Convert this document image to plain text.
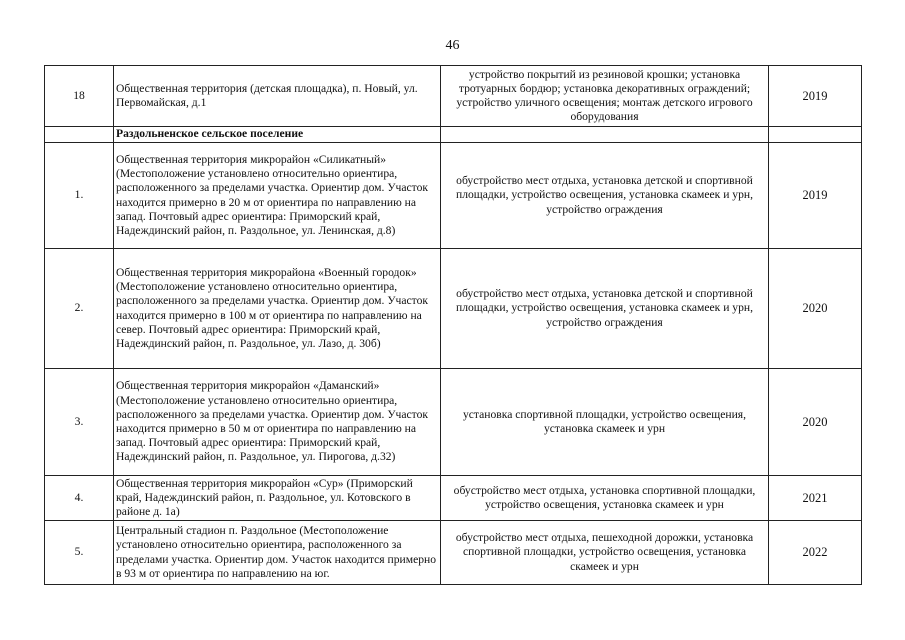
46
18	Общественная территория (детская площадка), п. Новый, ул. Первомайская, д.1	устройство покрытий из резиновой крошки; установка тротуарных бордюр; установка декоративных ограждений; устройство уличного освещения; монтаж детского игрового оборудования	2019
	Раздольненское сельское поселение		
1.	Общественная территория микрорайон «Силикатный» (Местоположение установлено относительно ориентира, расположенного за пределами участка. Ориентир дом. Участок находится примерно в 20 м от ориентира по направлению на запад. Почтовый адрес ориентира: Приморский край, Надеждинский район, п. Раздольное, ул. Ленинская, д.8)	обустройство мест отдыха, установка детской и спортивной площадки, устройство освещения, установка скамеек и урн, устройство ограждения	2019
2.	Общественная территория микрорайона «Военный городок» (Местоположение установлено относительно ориентира, расположенного за пределами участка. Ориентир дом. Участок находится примерно в 100 м от ориентира по направлению на север. Почтовый адрес ориентира: Приморский край, Надеждинский район, п. Раздольное, ул. Лазо, д. 30б)	обустройство мест отдыха, установка детской и спортивной площадки, устройство освещения, установка скамеек и урн, устройство ограждения	2020
3.	Общественная территория микрорайон «Даманский» (Местоположение установлено относительно ориентира, расположенного за пределами участка. Ориентир дом. Участок находится примерно в 50 м от ориентира по направлению на запад. Почтовый адрес ориентира: Приморский край, Надеждинский район, п. Раздольное, ул. Пирогова, д.32)	установка спортивной площадки, устройство освещения, установка скамеек и урн	2020
4.	Общественная территория микрорайон «Сур» (Приморский край, Надеждинский район, п. Раздольное, ул. Котовского в районе д. 1а)	обустройство мест отдыха, установка спортивной площадки, устройство освещения, установка скамеек и урн	2021
5.	Центральный стадион п. Раздольное (Местоположение установлено относительно ориентира, расположенного за пределами участка. Ориентир дом. Участок находится примерно в 93 м от ориентира по направлению на юг.	обустройство мест отдыха, пешеходной дорожки, установка спортивной площадки, устройство освещения, установка скамеек и урн	2022
